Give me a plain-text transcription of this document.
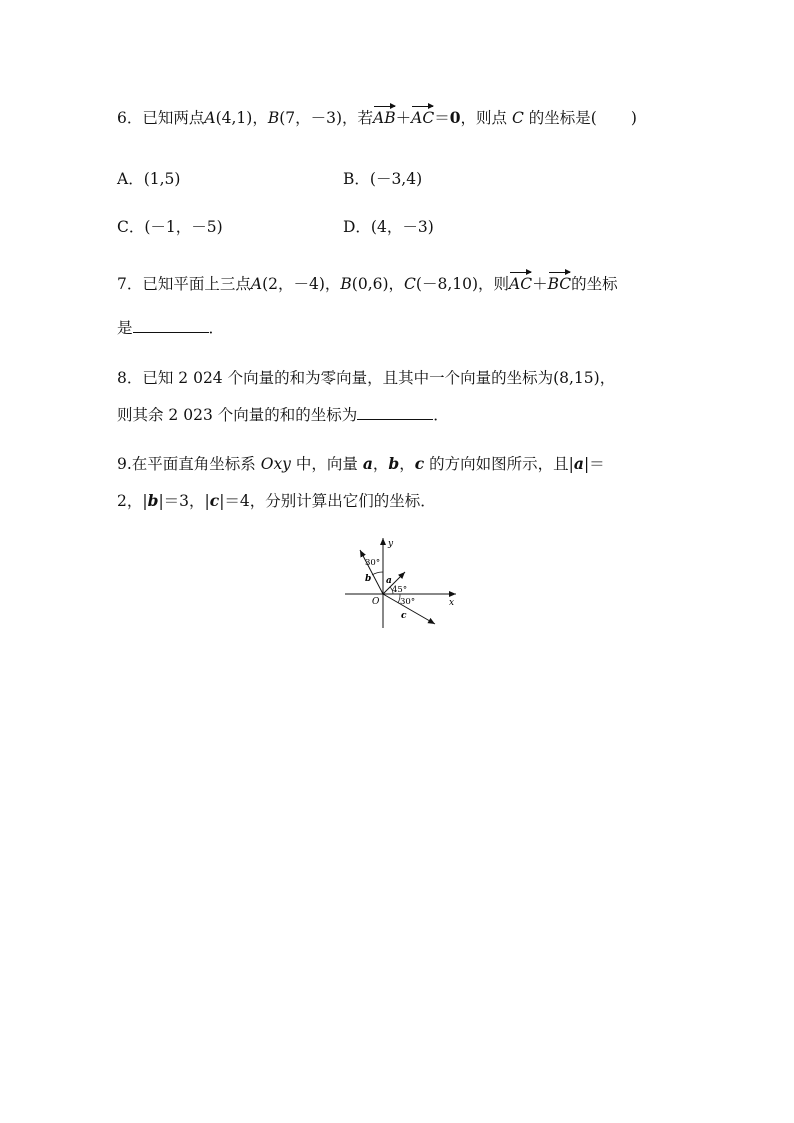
6．已知两点A(4,1)，B(7，－3)，若AB＋AC＝0，则点 C 的坐标是( )
A．(1,5)	B．(－3,4)
C．(－1，－5)	D．(4，－3)
7．已知平面上三点A(2，－4)，B(0,6)，C(－8,10)，则AC＋BC的坐标
是	．
8．已知 2 024 个向量的和为零向量，且其中一个向量的坐标为(8,15)，
则其余 2 023 个向量的和的坐标为	．
9.在平面直角坐标系 Oxy 中，向量 a，b，c 的方向如图所示，且|a|＝
2，|b|＝3，|c|＝4，分别计算出它们的坐标．
y
x
O
30°
45°
30°
b a
c
